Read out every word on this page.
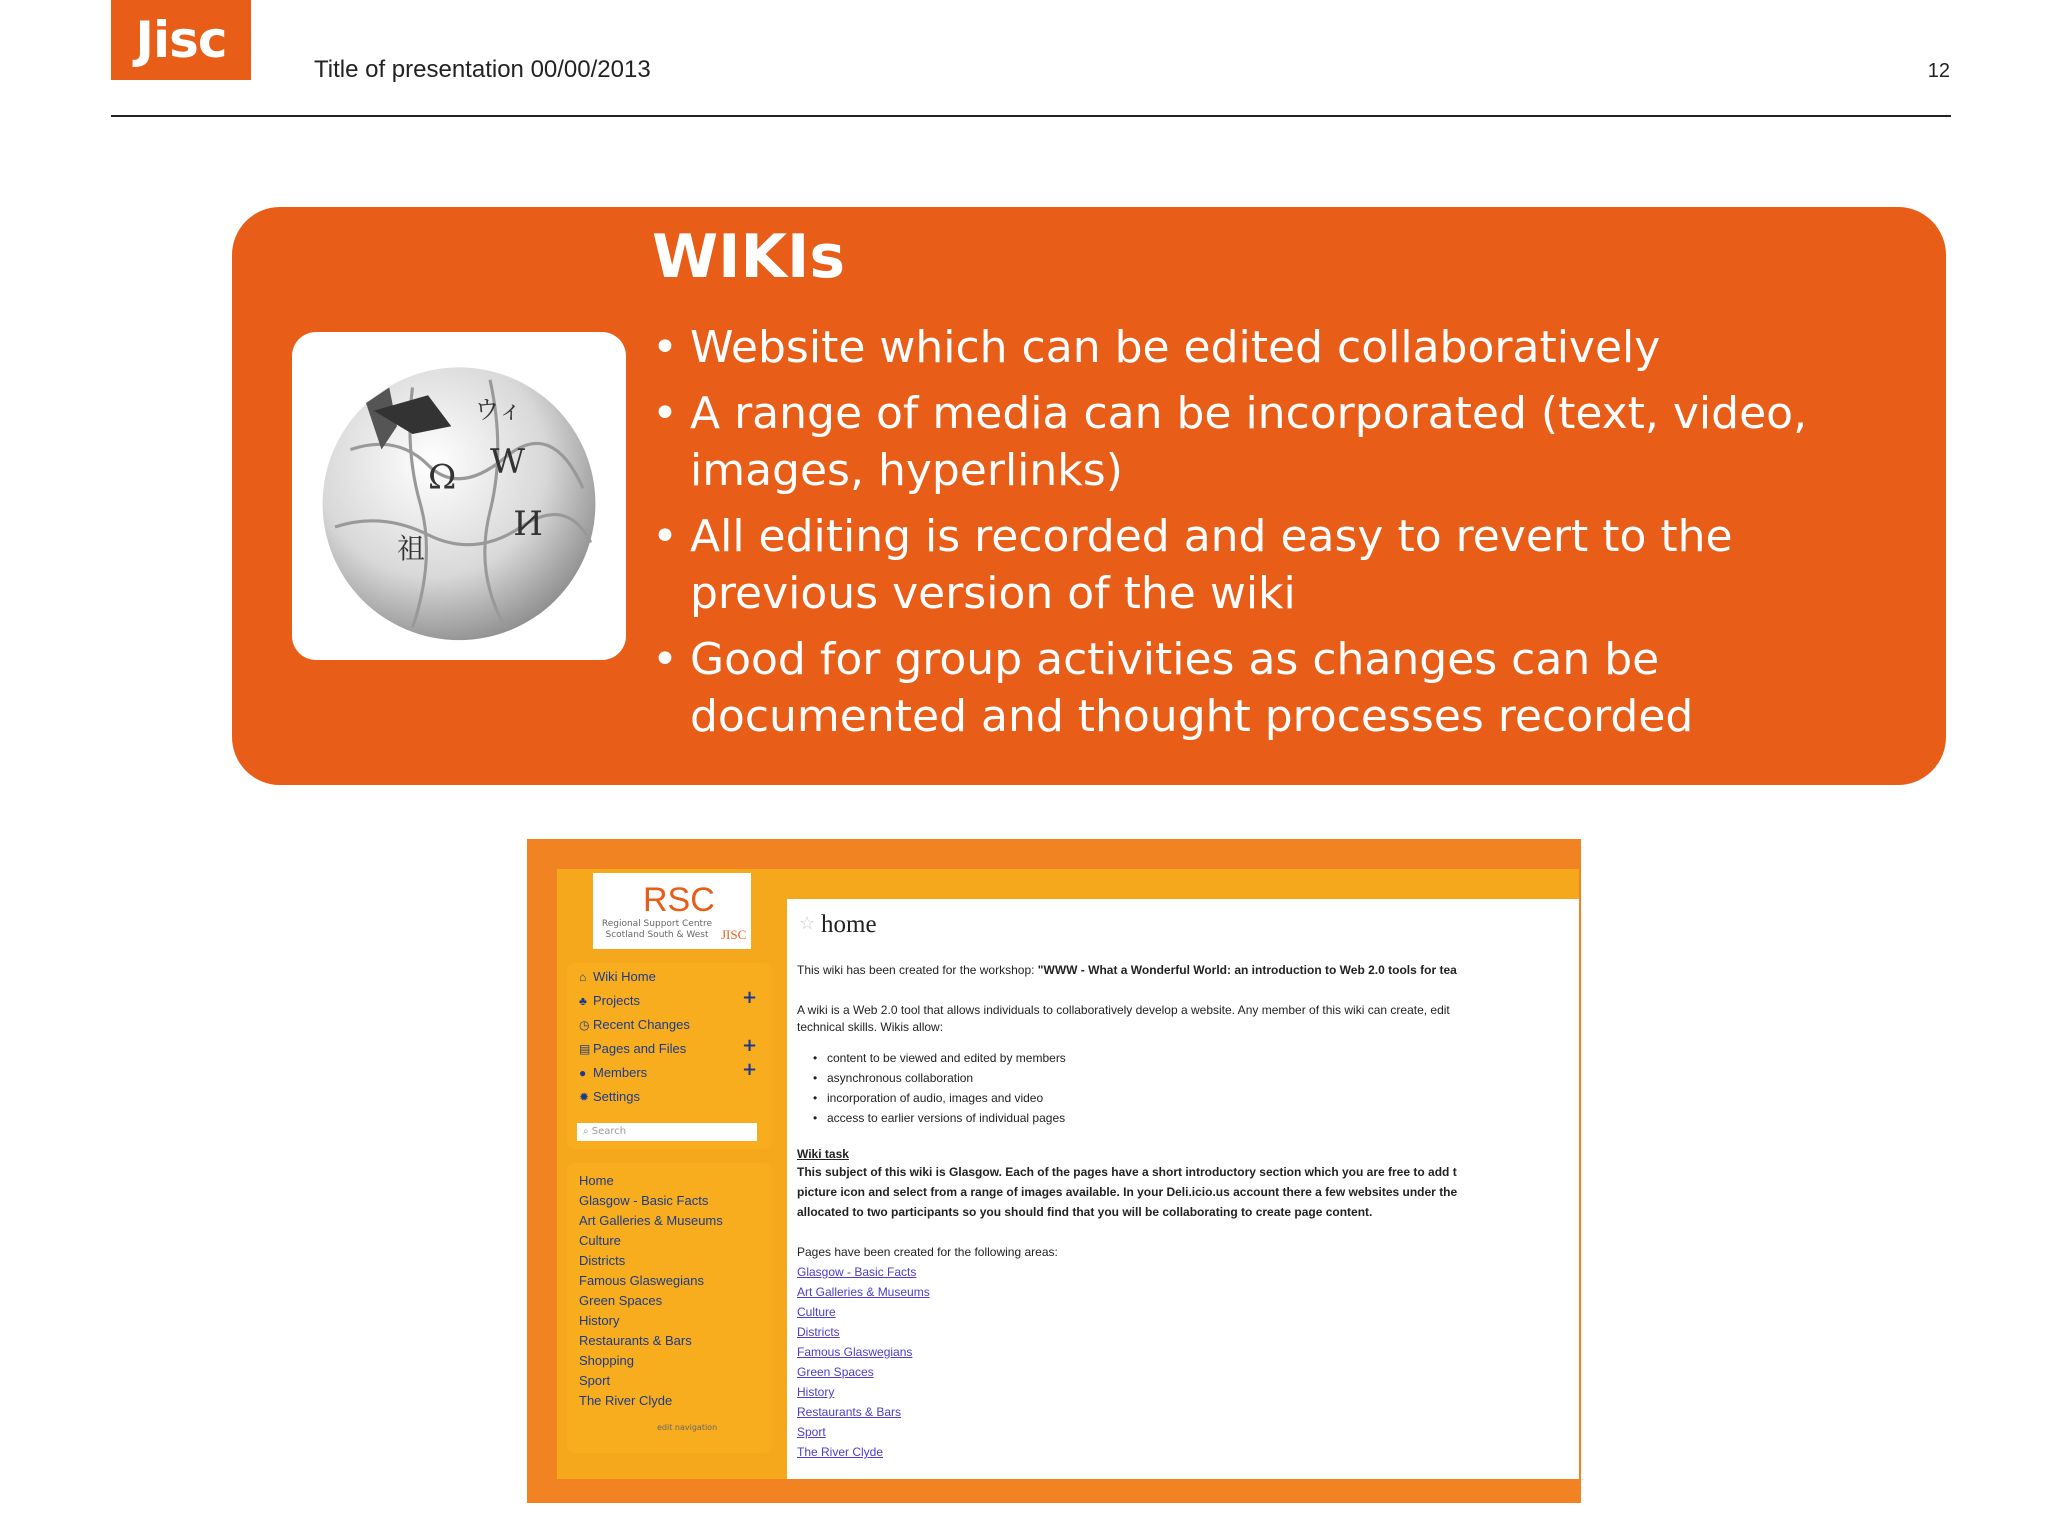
Jisc
Title of presentation 00/00/2013	12
Ω W
И
祖
ウィ
WIKIs
• Website which can be edited collaboratively
• A range of media can be incorporated (text, video, images, hyperlinks)
• All editing is recorded and easy to revert to the previous version of the wiki
• Good for group activities as changes can be documented and thought processes recorded
RSC
Regional Support Centre Scotland South & West JISC
⌂ Wiki Home
♣ Projects	+
◷ Recent Changes
▤ Pages and Files	+
● Members	+
✹ Settings
⌕ Search
Home
Glasgow - Basic Facts
Art Galleries & Museums
Culture
Districts
Famous Glaswegians
Green Spaces
History
Restaurants & Bars
Shopping
Sport
The River Clyde
edit navigation
☆ home
This wiki has been created for the workshop: "WWW - What a Wonderful World: an introduction to Web 2.0 tools for tea
A wiki is a Web 2.0 tool that allows individuals to collaboratively develop a website. Any member of this wiki can create, edit
technical skills. Wikis allow:
• content to be viewed and edited by members
• asynchronous collaboration
• incorporation of audio, images and video
• access to earlier versions of individual pages
Wiki task
This subject of this wiki is Glasgow. Each of the pages have a short introductory section which you are free to add t
picture icon and select from a range of images available. In your Deli.icio.us account there a few websites under the
allocated to two participants so you should find that you will be collaborating to create page content.
Pages have been created for the following areas:
Glasgow - Basic Facts
Art Galleries & Museums
Culture
Districts
Famous Glaswegians
Green Spaces
History
Restaurants & Bars
Sport
The River Clyde
